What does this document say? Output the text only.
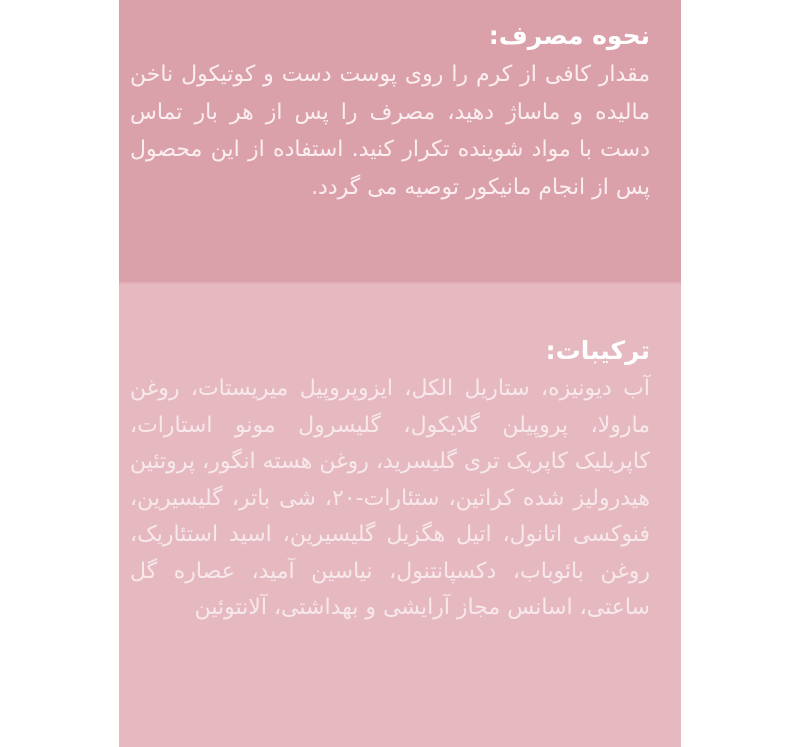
نحوه مصرف:

مقدار کافی از کرم را روی پوست دست و کوتیکول ناخن مالیده و ماساژ دهید، مصرف را پس از هر بار تماس دست با مواد شوینده تکرار کنید. استفاده از این محصول پس از انجام مانیکور توصیه می گردد.

ترکیبات:

آب دیونیزه، ستاریل الکل، ایزوپروپیل میریستات، روغن مارولا، پروپیلن گلایکول، گلیسرول مونو استارات، کاپریلیک کاپریک تری گلیسرید، روغن هسته انگور، پروتئین هیدرولیز شده کراتین، ستئارات-۲۰، شی باتر، گلیسیرین، فنوکسی اتانول، اتیل هگزیل گلیسیرین، اسید استئاریک، روغن بائوباب، دکسپانتنول، نیاسین آمید، عصاره گل ساعتی، اسانس مجاز آرایشی و بهداشتی، آلانتوئین
